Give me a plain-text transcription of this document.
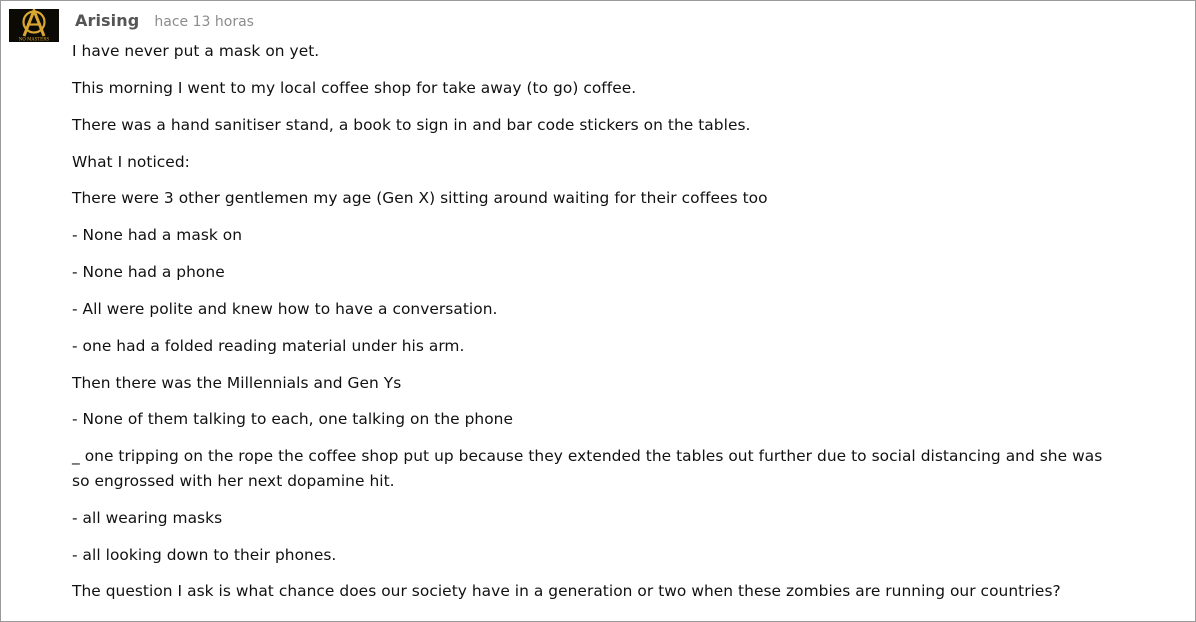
NO MASTERS
Arising hace 13 horas
I have never put a mask on yet.
This morning I went to my local coffee shop for take away (to go) coffee.
There was a hand sanitiser stand, a book to sign in and bar code stickers on the tables.
What I noticed:
There were 3 other gentlemen my age (Gen X) sitting around waiting for their coffees too
- None had a mask on
- None had a phone
- All were polite and knew how to have a conversation.
- one had a folded reading material under his arm.
Then there was the Millennials and Gen Ys
- None of them talking to each, one talking on the phone
_ one tripping on the rope the coffee shop put up because they extended the tables out further due to social distancing and she was so engrossed with her next dopamine hit.
- all wearing masks
- all looking down to their phones.
The question I ask is what chance does our society have in a generation or two when these zombies are running our countries?
